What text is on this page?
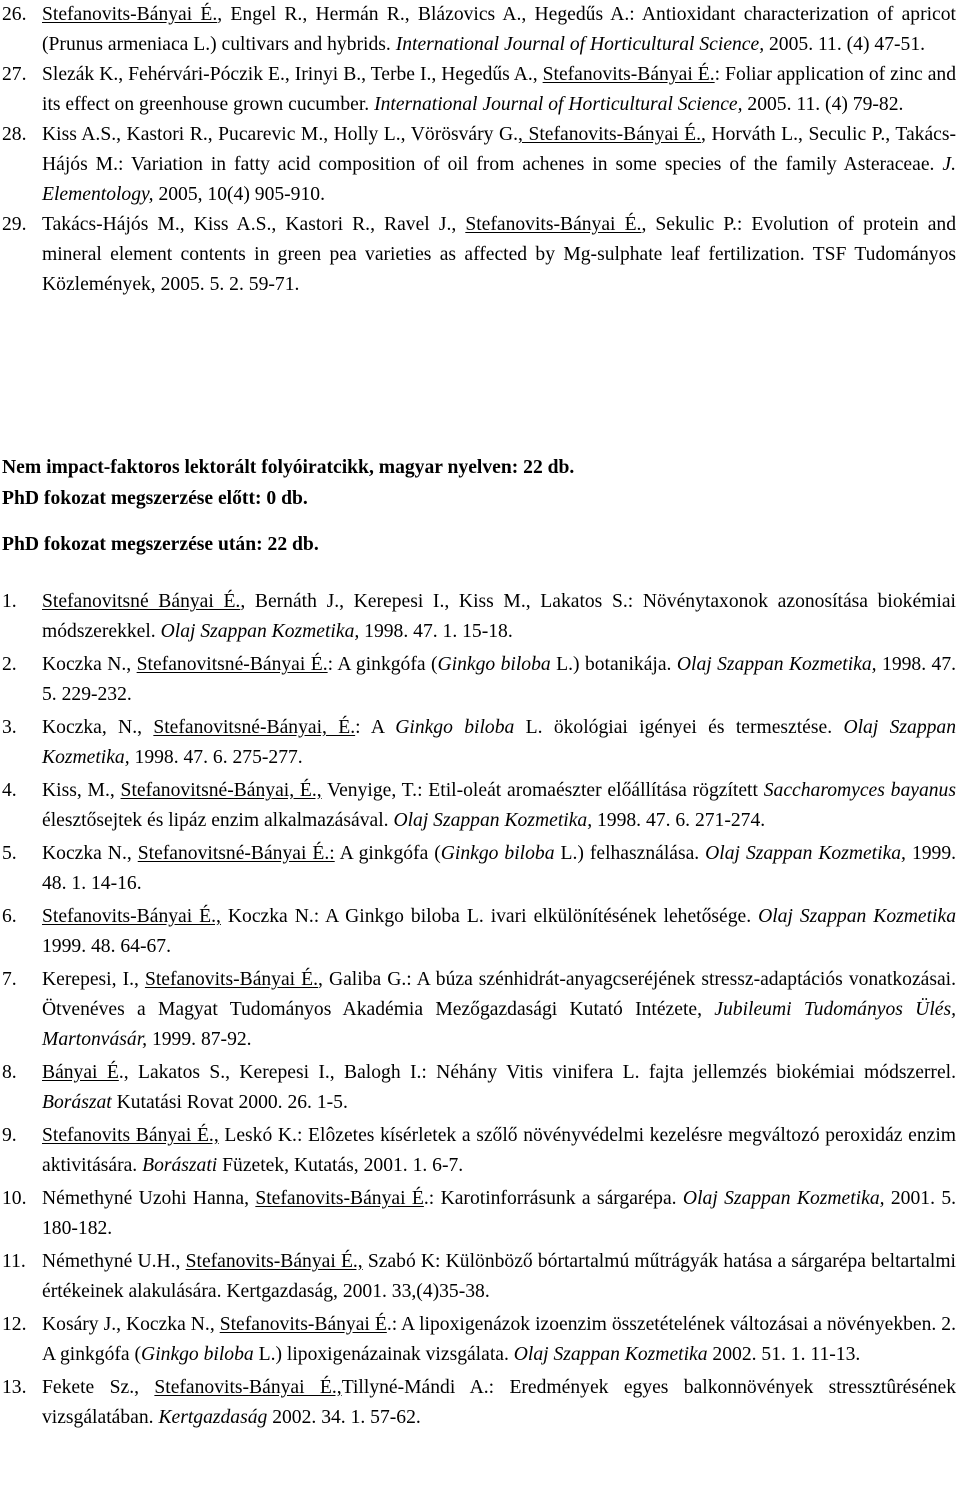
26. Stefanovits-Bányai É., Engel R., Hermán R., Blázovics A., Hegedűs A.: Antioxidant characterization of apricot (Prunus armeniaca L.) cultivars and hybrids. International Journal of Horticultural Science, 2005. 11. (4) 47-51.
27. Slezák K., Fehérvári-Póczik E., Irinyi B., Terbe I., Hegedűs A., Stefanovits-Bányai É.: Foliar application of zinc and its effect on greenhouse grown cucumber. International Journal of Horticultural Science, 2005. 11. (4) 79-82.
28. Kiss A.S., Kastori R., Pucarevic M., Holly L., Vörösváry G., Stefanovits-Bányai É., Horváth L., Seculic P., Takács-Hájós M.: Variation in fatty acid composition of oil from achenes in some species of the family Asteraceae. J. Elementology, 2005, 10(4) 905-910.
29. Takács-Hájós M., Kiss A.S., Kastori R., Ravel J., Stefanovits-Bányai É., Sekulic P.: Evolution of protein and mineral element contents in green pea varieties as affected by Mg-sulphate leaf fertilization. TSF Tudományos Közlemények, 2005. 5. 2. 59-71.
Nem impact-faktoros lektorált folyóiratcikk, magyar nyelven: 22 db.
PhD fokozat megszerzése előtt: 0 db.
PhD fokozat megszerzése után: 22 db.
1. Stefanovitsné Bányai É., Bernáth J., Kerepesi I., Kiss M., Lakatos S.: Növénytaxonok azonosítása biokémiai módszerekkel. Olaj Szappan Kozmetika, 1998. 47. 1. 15-18.
2. Koczka N., Stefanovitsné-Bányai É.: A ginkgófa (Ginkgo biloba L.) botanikája. Olaj Szappan Kozmetika, 1998. 47. 5. 229-232.
3. Koczka, N., Stefanovitsné-Bányai, É.: A Ginkgo biloba L. ökológiai igényei és termesztése. Olaj Szappan Kozmetika, 1998. 47. 6. 275-277.
4. Kiss, M., Stefanovitsné-Bányai, É., Venyige, T.: Etil-oleát aromaészter előállítása rögzített Saccharomyces bayanus élesztősejtek és lipáz enzim alkalmazásával. Olaj Szappan Kozmetika, 1998. 47. 6. 271-274.
5. Koczka N., Stefanovitsné-Bányai É.: A ginkgófa (Ginkgo biloba L.) felhasználása. Olaj Szappan Kozmetika, 1999. 48. 1. 14-16.
6. Stefanovits-Bányai É., Koczka N.: A Ginkgo biloba L. ivari elkülönítésének lehetősége. Olaj Szappan Kozmetika 1999. 48. 64-67.
7. Kerepesi, I., Stefanovits-Bányai É., Galiba G.: A búza szénhidrát-anyagcseréjének stressz-adaptációs vonatkozásai. Ötvenéves a Magyat Tudományos Akadémia Mezőgazdasági Kutató Intézete, Jubileumi Tudományos Ülés, Martonvásár, 1999. 87-92.
8. Bányai É., Lakatos S., Kerepesi I., Balogh I.: Néhány Vitis vinifera L. fajta jellemzés biokémiai módszerrel. Borászat Kutatási Rovat 2000. 26. 1-5.
9. Stefanovits Bányai É., Leskó K.: Elôzetes kísérletek a szőlő növényvédelmi kezelésre megváltozó peroxidáz enzim aktivitására. Borászati Füzetek, Kutatás, 2001. 1. 6-7.
10. Némethyné Uzohi Hanna, Stefanovits-Bányai É.: Karotinforrásunk a sárgarépa. Olaj Szappan Kozmetika, 2001. 5. 180-182.
11. Némethyné U.H., Stefanovits-Bányai É., Szabó K: Különböző bórtartalmú műtrágyák hatása a sárgarépa beltartalmi értékeinek alakulására. Kertgazdaság, 2001. 33,(4)35-38.
12. Kosáry J., Koczka N., Stefanovits-Bányai É.: A lipoxigenázok izoenzim összetételének változásai a növényekben. 2. A ginkgófa (Ginkgo biloba L.) lipoxigenázainak vizsgálata. Olaj Szappan Kozmetika 2002. 51. 1. 11-13.
13. Fekete Sz., Stefanovits-Bányai É.,Tillyné-Mándi A.: Eredmények egyes balkonnövények stressztûrésének vizsgálatában. Kertgazdaság 2002. 34. 1. 57-62.
